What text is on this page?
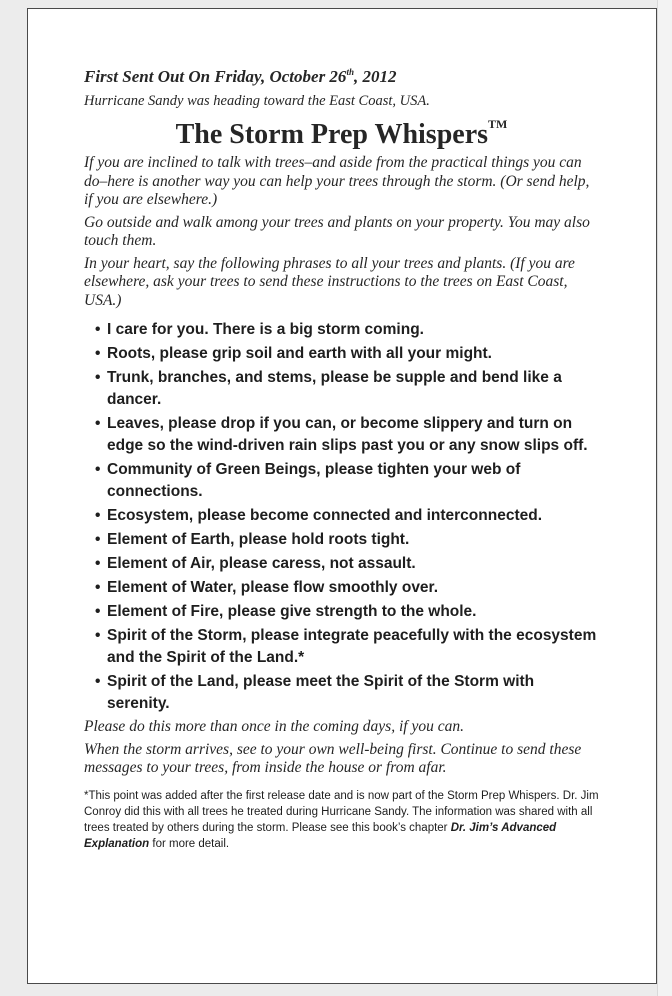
First Sent Out On Friday, October 26th, 2012

Hurricane Sandy was heading toward the East Coast, USA.

The Storm Prep Whispers™

If you are inclined to talk with trees–and aside from the practical things you can do–here is another way you can help your trees through the storm. (Or send help, if you are elsewhere.)

Go outside and walk among your trees and plants on your property. You may also touch them.

In your heart, say the following phrases to all your trees and plants. (If you are elsewhere, ask your trees to send these instructions to the trees on East Coast, USA.)

• I care for you. There is a big storm coming.
• Roots, please grip soil and earth with all your might.
• Trunk, branches, and stems, please be supple and bend like a dancer.
• Leaves, please drop if you can, or become slippery and turn on edge so the wind-driven rain slips past you or any snow slips off.
• Community of Green Beings, please tighten your web of connections.
• Ecosystem, please become connected and interconnected.
• Element of Earth, please hold roots tight.
• Element of Air, please caress, not assault.
• Element of Water, please flow smoothly over.
• Element of Fire, please give strength to the whole.
• Spirit of the Storm, please integrate peacefully with the ecosystem and the Spirit of the Land.*
• Spirit of the Land, please meet the Spirit of the Storm with serenity.

Please do this more than once in the coming days, if you can.

When the storm arrives, see to your own well-being first. Continue to send these messages to your trees, from inside the house or from afar.

*This point was added after the first release date and is now part of the Storm Prep Whispers. Dr. Jim Conroy did this with all trees he treated during Hurricane Sandy. The information was shared with all trees treated by others during the storm. Please see this book’s chapter Dr. Jim’s Advanced Explanation for more detail.
